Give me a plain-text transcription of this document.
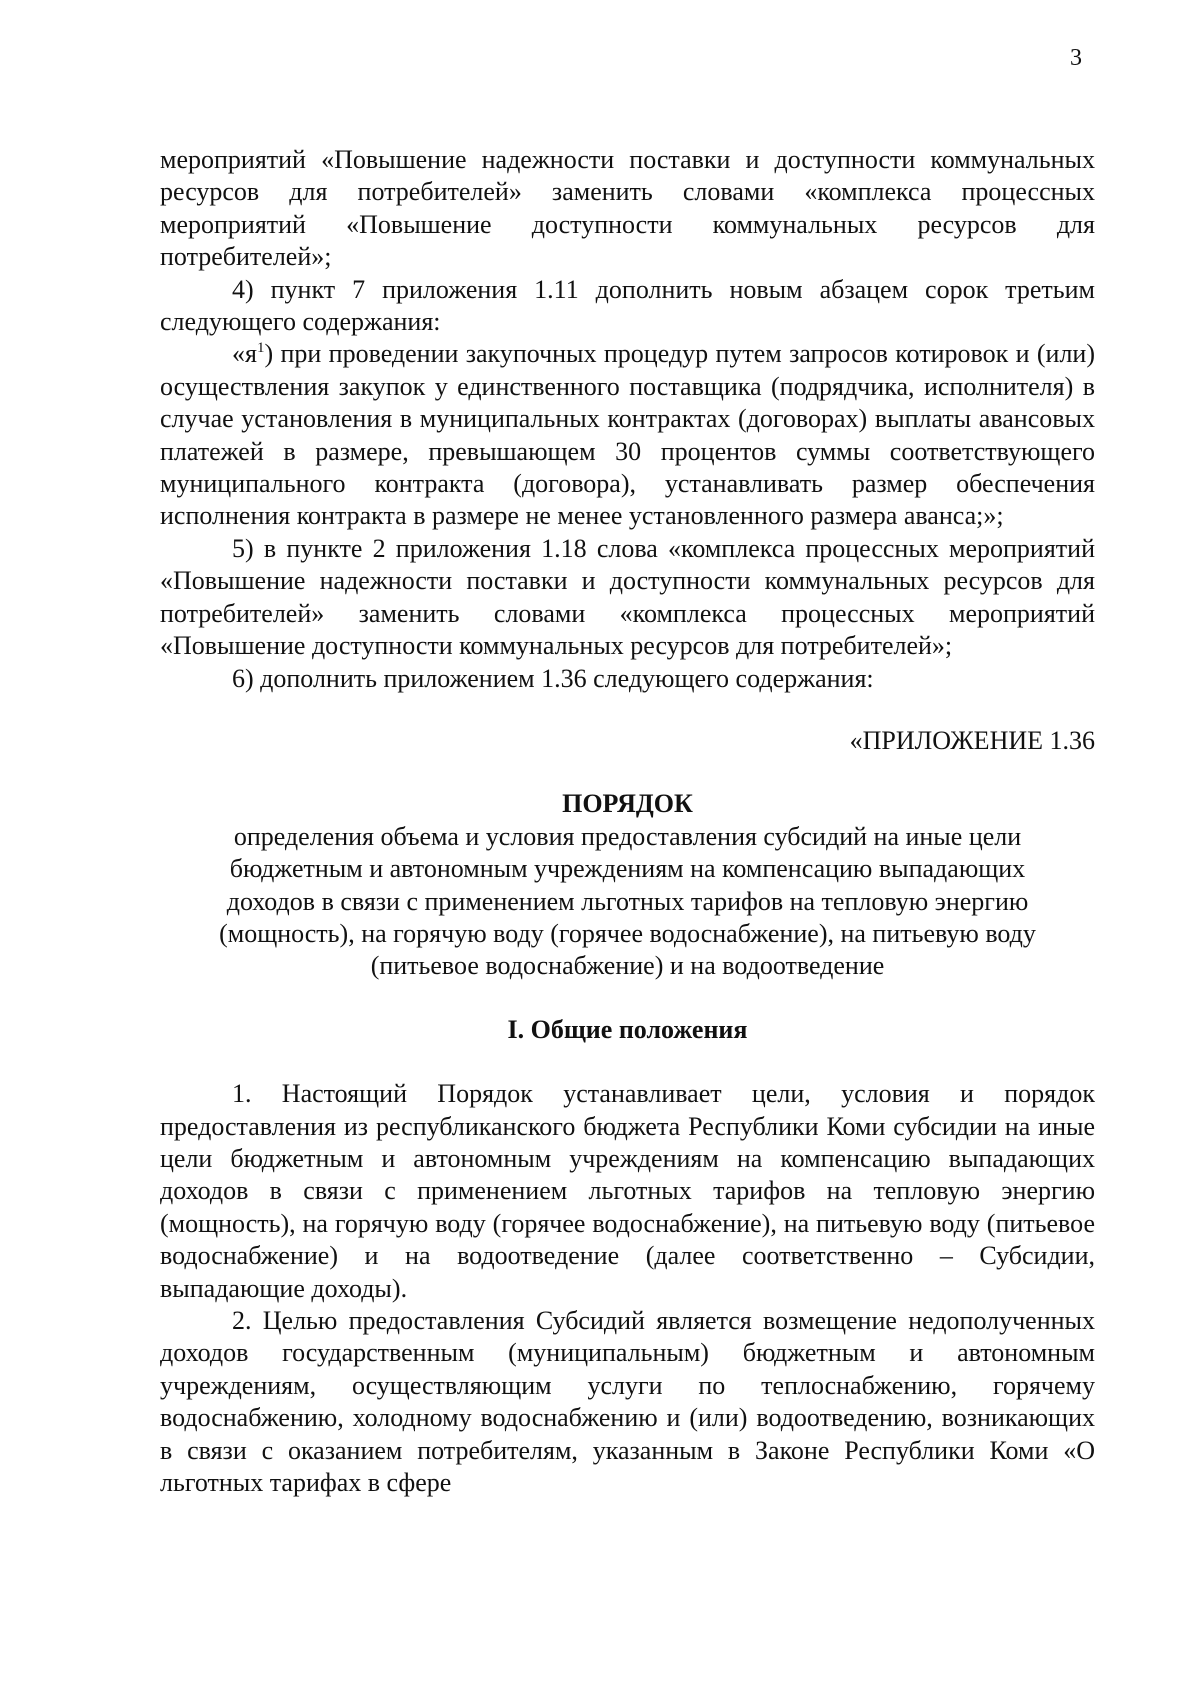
3

мероприятий «Повышение надежности поставки и доступности коммунальных ресурсов для потребителей» заменить словами «комплекса процессных мероприятий «Повышение доступности коммунальных ресурсов для потребителей»;

4) пункт 7 приложения 1.11 дополнить новым абзацем сорок третьим следующего содержания:

«$я^1$) при проведении закупочных процедур путем запросов котировок и (или) осуществления закупок у единственного поставщика (подрядчика, исполнителя) в случае установления в муниципальных контрактах (договорах) выплаты авансовых платежей в размере, превышающем 30 процентов суммы соответствующего муниципального контракта (договора), устанавливать размер обеспечения исполнения контракта в размере не менее установленного размера аванса;»;

5) в пункте 2 приложения 1.18 слова «комплекса процессных мероприятий «Повышение надежности поставки и доступности коммунальных ресурсов для потребителей» заменить словами «комплекса процессных мероприятий «Повышение доступности коммунальных ресурсов для потребителей»;

6) дополнить приложением 1.36 следующего содержания:

«ПРИЛОЖЕНИЕ 1.36

ПОРЯДОК

определения объема и условия предоставления субсидий на иные цели

бюджетным и автономным учреждениям на компенсацию выпадающих

доходов в связи с применением льготных тарифов на тепловую энергию

(мощность), на горячую воду (горячее водоснабжение), на питьевую воду

(питьевое водоснабжение) и на водоотведение

I. Общие положения

1. Настоящий Порядок устанавливает цели, условия и порядок предоставления из республиканского бюджета Республики Коми субсидии на иные цели бюджетным и автономным учреждениям на компенсацию выпадающих доходов в связи с применением льготных тарифов на тепловую энергию (мощность), на горячую воду (горячее водоснабжение), на питьевую воду (питьевое водоснабжение) и на водоотведение (далее соответственно – Субсидии, выпадающие доходы).

2. Целью предоставления Субсидий является возмещение недополученных доходов государственным (муниципальным) бюджетным и автономным учреждениям, осуществляющим услуги по теплоснабжению, горячему водоснабжению, холодному водоснабжению и (или) водоотведению, возникающих в связи с оказанием потребителям, указанным в Законе Республики Коми «О льготных тарифах в сфере
